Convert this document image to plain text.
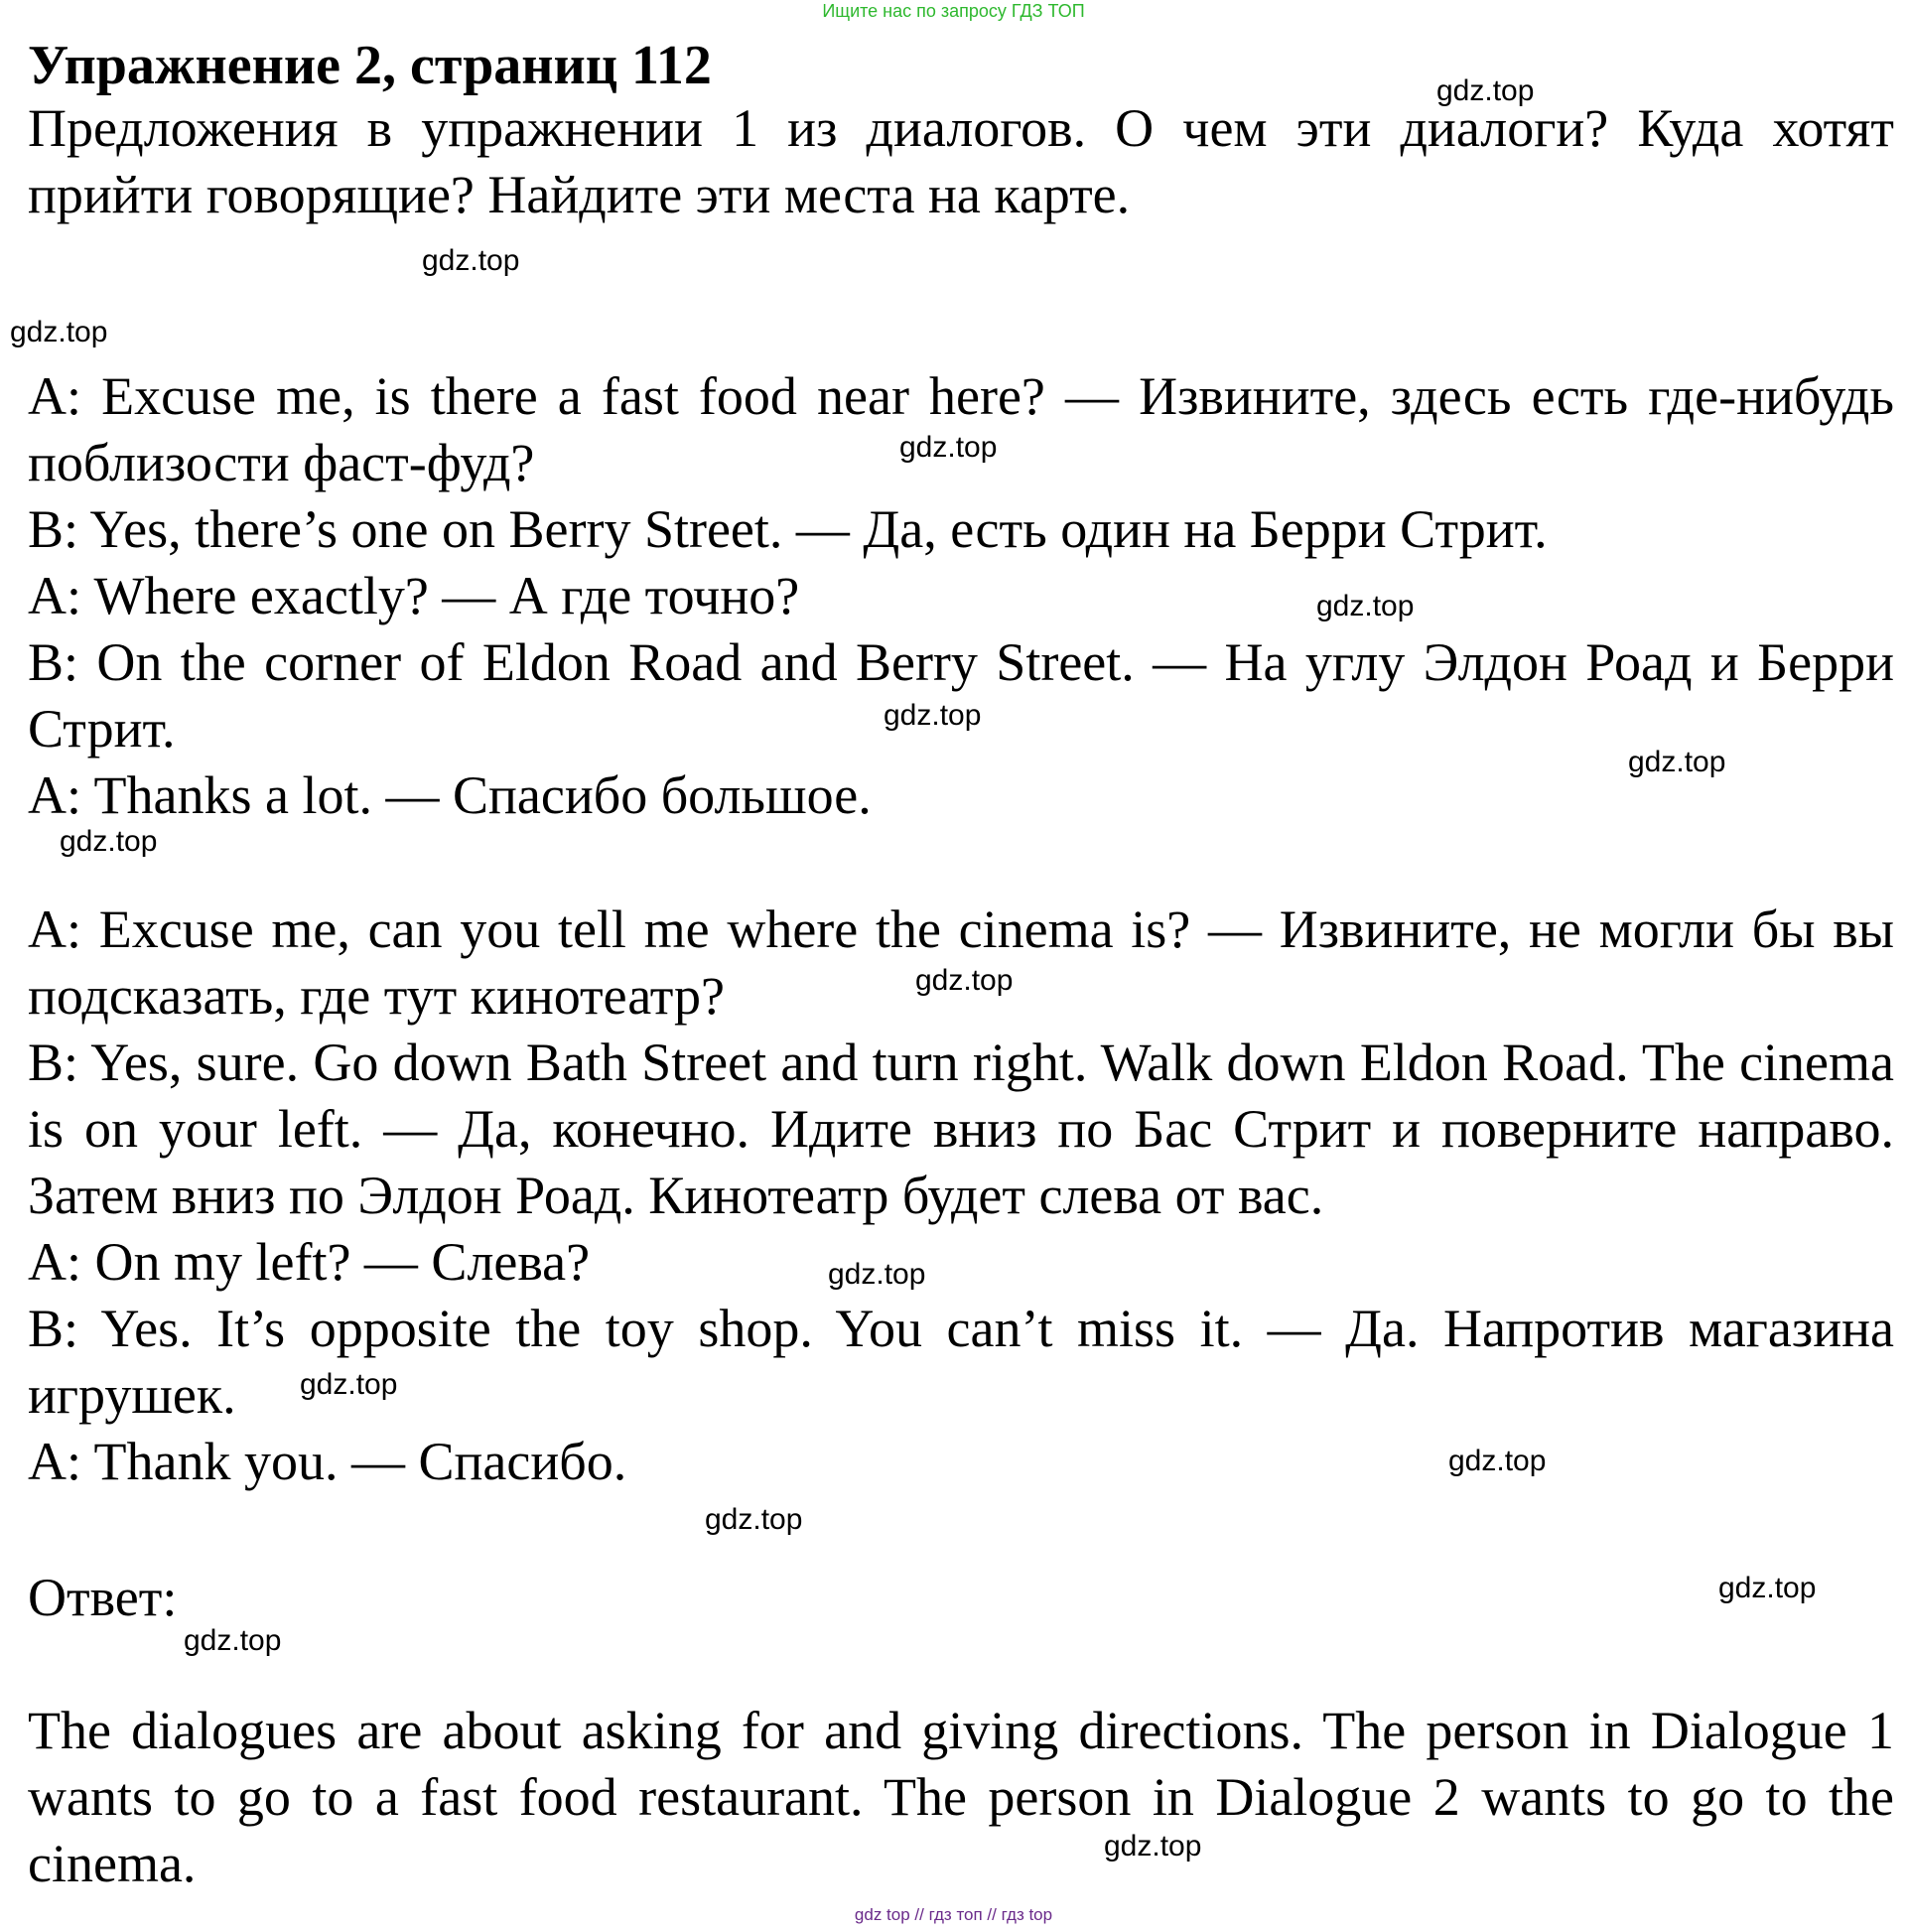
Ищите нас по запросу ГДЗ ТОП
Упражнение 2, страниц 112

Предложения в упражнении 1 из диалогов. О чем эти диалоги? Куда хотят прийти говорящие? Найдите эти места на карте.

A: Excuse me, is there a fast food near here? — Извините, здесь есть где-нибудь поблизости фаст-фуд?

B: Yes, there’s one on Berry Street. — Да, есть один на Берри Стрит.

A: Where exactly? — А где точно?

B: On the corner of Eldon Road and Berry Street. — На углу Элдон Роад и Берри Стрит.

A: Thanks a lot. — Спасибо большое.

A: Excuse me, can you tell me where the cinema is? — Извините, не могли бы вы подсказать, где тут кинотеатр?

B: Yes, sure. Go down Bath Street and turn right. Walk down Eldon Road. The cinema is on your left. — Да, конечно. Идите вниз по Бас Стрит и поверните направо. Затем вниз по Элдон Роад. Кинотеатр будет слева от вас.

A: On my left? — Слева?

B: Yes. It’s opposite the toy shop. You can’t miss it. — Да. Напротив магазина игрушек.

A: Thank you. — Спасибо.

Ответ:

The dialogues are about asking for and giving directions. The person in Dialogue 1 wants to go to a fast food restaurant. The person in Dialogue 2 wants to go to the cinema.

gdz.top
gdz.top
gdz.top
gdz.top
gdz.top
gdz.top
gdz.top
gdz.top
gdz.top
gdz.top
gdz.top
gdz.top
gdz.top
gdz.top
gdz.top
gdz.top
gdz top // гдз топ // гдз top
